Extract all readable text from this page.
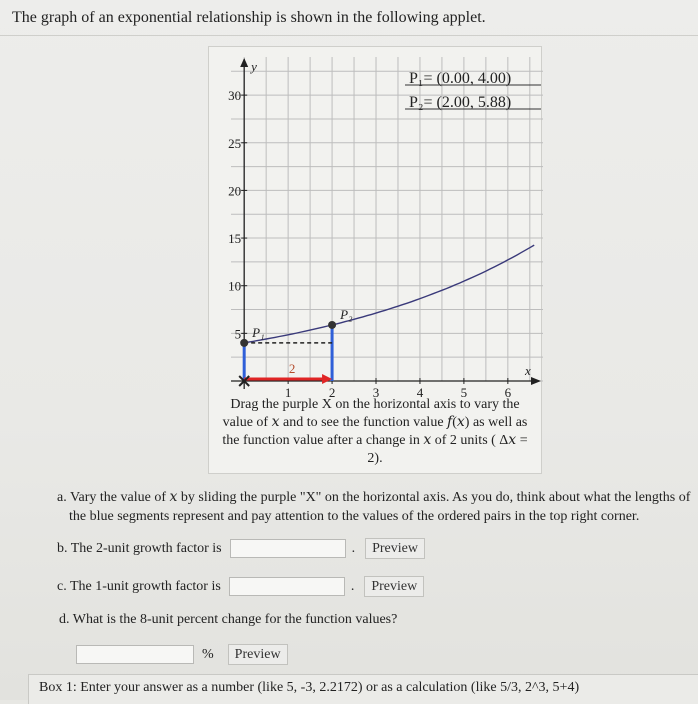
The graph of an exponential relationship is shown in the following applet.
y
x
5
10
15
20
25
30
1	2	3	4	5	6
2
P₁
P₂
P₁= (0.00, 4.00)
P₂= (2.00, 5.88)
Drag the purple X on the horizontal axis to vary the value of 𝑥 and to see the function value 𝑓(𝑥) as well as the function value after a change in 𝑥 of 2 units ( Δ𝑥 = 2).
a. Vary the value of 𝑥 by sliding the purple "X" on the horizontal axis. As you do, think about what the lengths of
the blue segments represent and pay attention to the values of the ordered pairs in the top right corner.
b. The 2-unit growth factor is	.	Preview
c. The 1-unit growth factor is	.	Preview
d. What is the 8-unit percent change for the function values?
%	Preview
Box 1: Enter your answer as a number (like 5, -3, 2.2172) or as a calculation (like 5/3, 2^3, 5+4)
